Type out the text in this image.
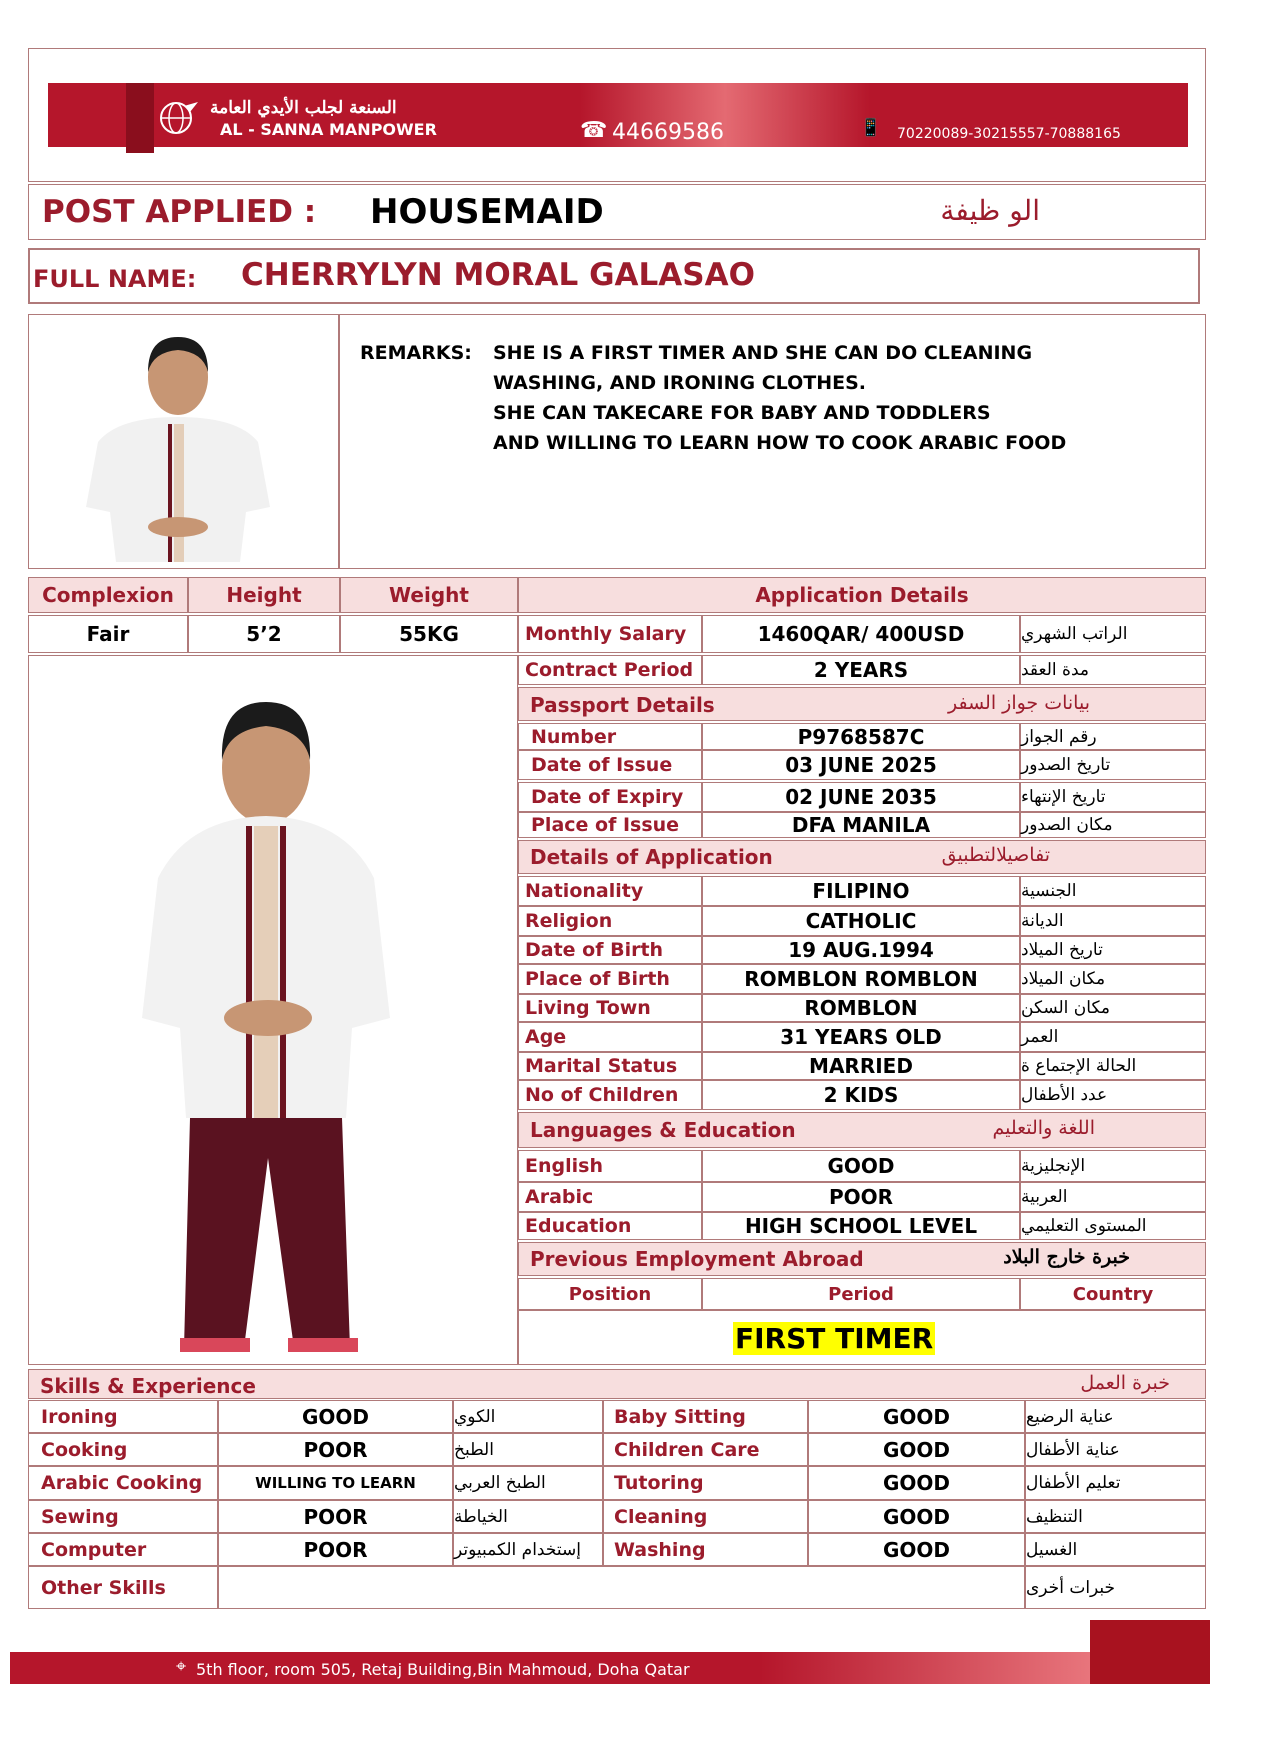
السنعة لجلب الأيدي العامة
AL - SANNA MANPOWER	☎ 44669586	📱 70220089-30215557-70888165
POST APPLIED : HOUSEMAID	الو ظيفة
FULL NAME: CHERRYLYN MORAL GALASAO
REMARKS: SHE IS A FIRST TIMER AND SHE CAN DO CLEANING
WASHING, AND IRONING CLOTHES.
SHE CAN TAKECARE FOR BABY AND TODDLERS
AND WILLING TO LEARN HOW TO COOK ARABIC FOOD
Complexion	Height	Weight
Fair	5’2	55KG
Application Details
Monthly Salary	1460QAR/ 400USD	الراتب الشهري
Contract Period	2 YEARS	مدة العقد
Passport Details	بيانات جواز السفر
Number	P9768587C	رقم الجواز
Date of Issue	03 JUNE 2025	تاريخ الصدور
Date of Expiry	02 JUNE 2035	تاريخ الإنتهاء
Place of Issue	DFA MANILA	مكان الصدور
Details of Application	تفاصيلالتطبيق
Nationality	FILIPINO	الجنسية
Religion	CATHOLIC	الديانة
Date of Birth	19 AUG.1994	تاريخ الميلاد
Place of Birth	ROMBLON ROMBLON	مكان الميلاد
Living Town	ROMBLON	مكان السكن
Age	31 YEARS OLD	العمر
Marital Status	MARRIED	الحالة الإجتماع ة
No of Children	2 KIDS	عدد الأطفال
Languages & Education	اللغة والتعليم
English	GOOD	الإنجليزية
Arabic	POOR	العربية
Education	HIGH SCHOOL LEVEL	المستوى التعليمي
Previous Employment Abroad	خبرة خارج البلاد
Position	Period	Country
FIRST TIMER
Skills & Experience	خبرة العمل
Ironing	GOOD	الكوي	Baby Sitting	GOOD	عناية الرضيع
Cooking	POOR	الطبخ	Children Care	GOOD	عناية الأطفال
Arabic Cooking	WILLING TO LEARN	الطبخ العربي	Tutoring	GOOD	تعليم الأطفال
Sewing	POOR	الخياطة	Cleaning	GOOD	التنظيف
Computer	POOR	إستخدام الكمبيوتر	Washing	GOOD	الغسيل
Other Skills	خبرات أخرى
⌖ 5th floor, room 505, Retaj Building,Bin Mahmoud, Doha Qatar
